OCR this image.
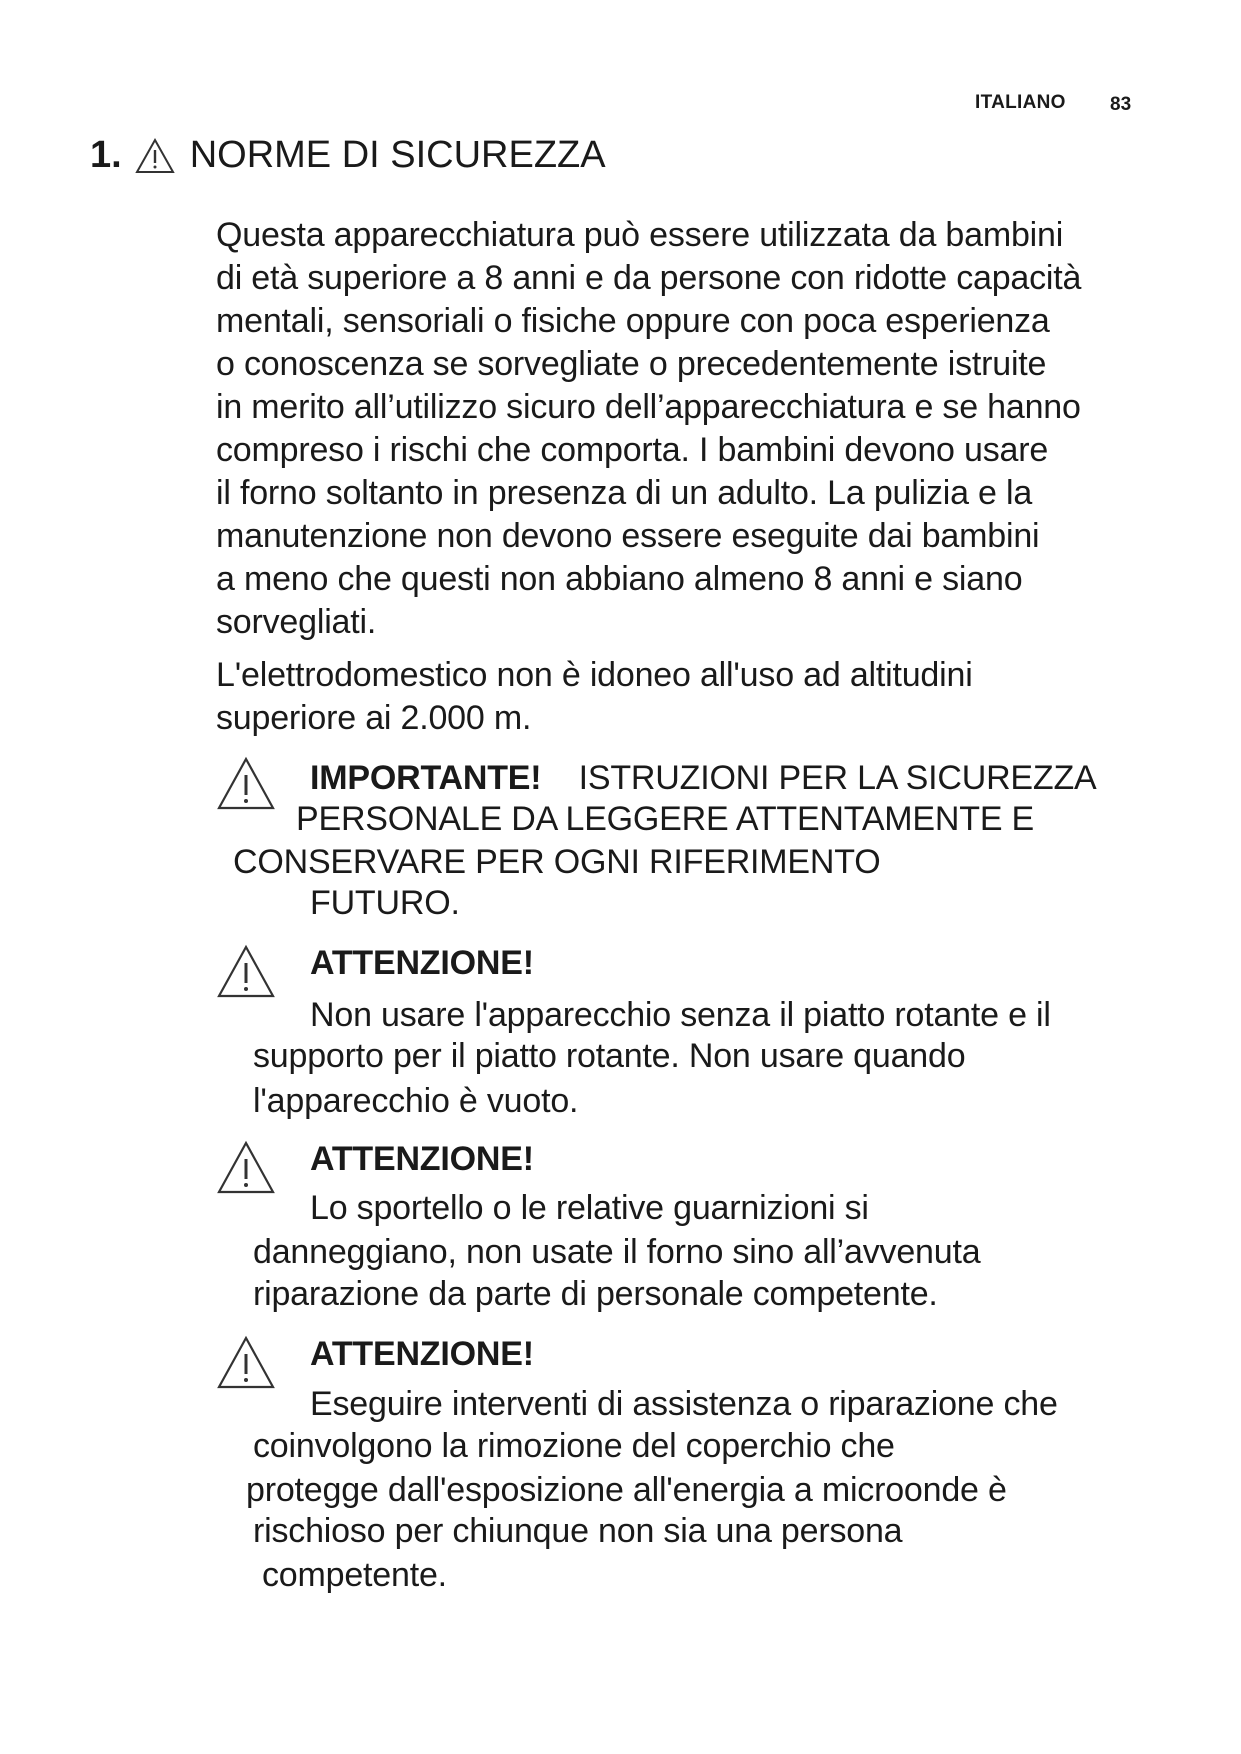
ITALIANO 83
1. NORME DI SICUREZZA
Questa apparecchiatura può essere utilizzata da bambini
di età superiore a 8 anni e da persone con ridotte capacità
mentali, sensoriali o fisiche oppure con poca esperienza
o conoscenza se sorvegliate o precedentemente istruite
in merito all’utilizzo sicuro dell’apparecchiatura e se hanno
compreso i rischi che comporta. I bambini devono usare
il forno soltanto in presenza di un adulto. La pulizia e la
manutenzione non devono essere eseguite dai bambini
a meno che questi non abbiano almeno 8 anni e siano
sorvegliati.
L'elettrodomestico non è idoneo all'uso ad altitudini
superiore ai 2.000 m.
IMPORTANTE! ISTRUZIONI PER LA SICUREZZA
PERSONALE DA LEGGERE ATTENTAMENTE E
CONSERVARE PER OGNI RIFERIMENTO
FUTURO.
ATTENZIONE!
Non usare l'apparecchio senza il piatto rotante e il
supporto per il piatto rotante. Non usare quando
l'apparecchio è vuoto.
ATTENZIONE!
Lo sportello o le relative guarnizioni si
danneggiano, non usate il forno sino all’avvenuta
riparazione da parte di personale competente.
ATTENZIONE!
Eseguire interventi di assistenza o riparazione che
coinvolgono la rimozione del coperchio che
protegge dall'esposizione all'energia a microonde è
rischioso per chiunque non sia una persona
competente.
